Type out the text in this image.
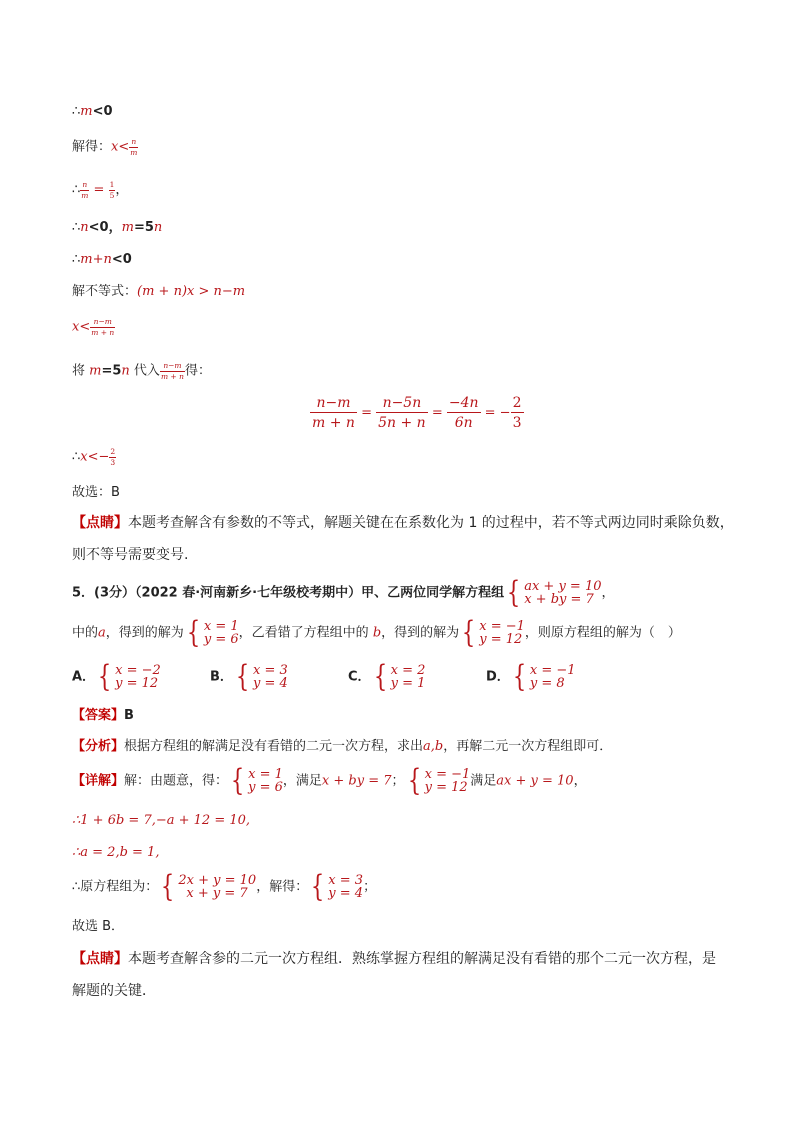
∴m<0
解得：$x< \frac{n}{m}$
∴ $\frac{n}{m} = \frac{1}{5}$ ，
∴n<0，m=5n
∴m+n<0
解不等式：(m + n)x > n−m
$x< \frac{n-m}{m + n}$
将 m=5n 代入 $\frac{n-m}{m + n}$ 得：
$\frac{n-m}{m + n} = \frac{n-5n}{5n + n} = \frac{-4n}{6n}$ = − $\frac{2}{3}$
∴x<− $\frac{2}{3}$
故选：B
【点睛】本题考查解含有参数的不等式，解题关键在在系数化为 1 的过程中，若不等式两边同时乘除负数，
则不等号需要变号.
5．(3分）（2022 春·河南新乡·七年级校考期中）甲、乙两位同学解方程组 { ax + y = 10
x + by = 7 ，
中的a，得到的解为 { x = 1
y = 6 ，乙看错了方程组中的 b，得到的解为 { x = −1
y = 12 ，则原方程组的解为（　）
A． { x = −2
y = 12	B． { x = 3
y = 4	C． { x = 2
y = 1	D． { x = −1
y = 8
【答案】B
【分析】根据方程组的解满足没有看错的二元一次方程，求出a,b，再解二元一次方程组即可．
【详解】解：由题意，得： { x = 1
y = 6 ，满足x + by = 7； { x = −1
y = 12 满足ax + y = 10，
∴1 + 6b = 7,−a + 12 = 10,
∴a = 2,b = 1,
∴原方程组为： { 2x + y = 10
x + y = 7 ，解得： { x = 3
y = 4 ；
故选 B．
【点睛】本题考查解含参的二元一次方程组．熟练掌握方程组的解满足没有看错的那个二元一次方程，是
解题的关键．
